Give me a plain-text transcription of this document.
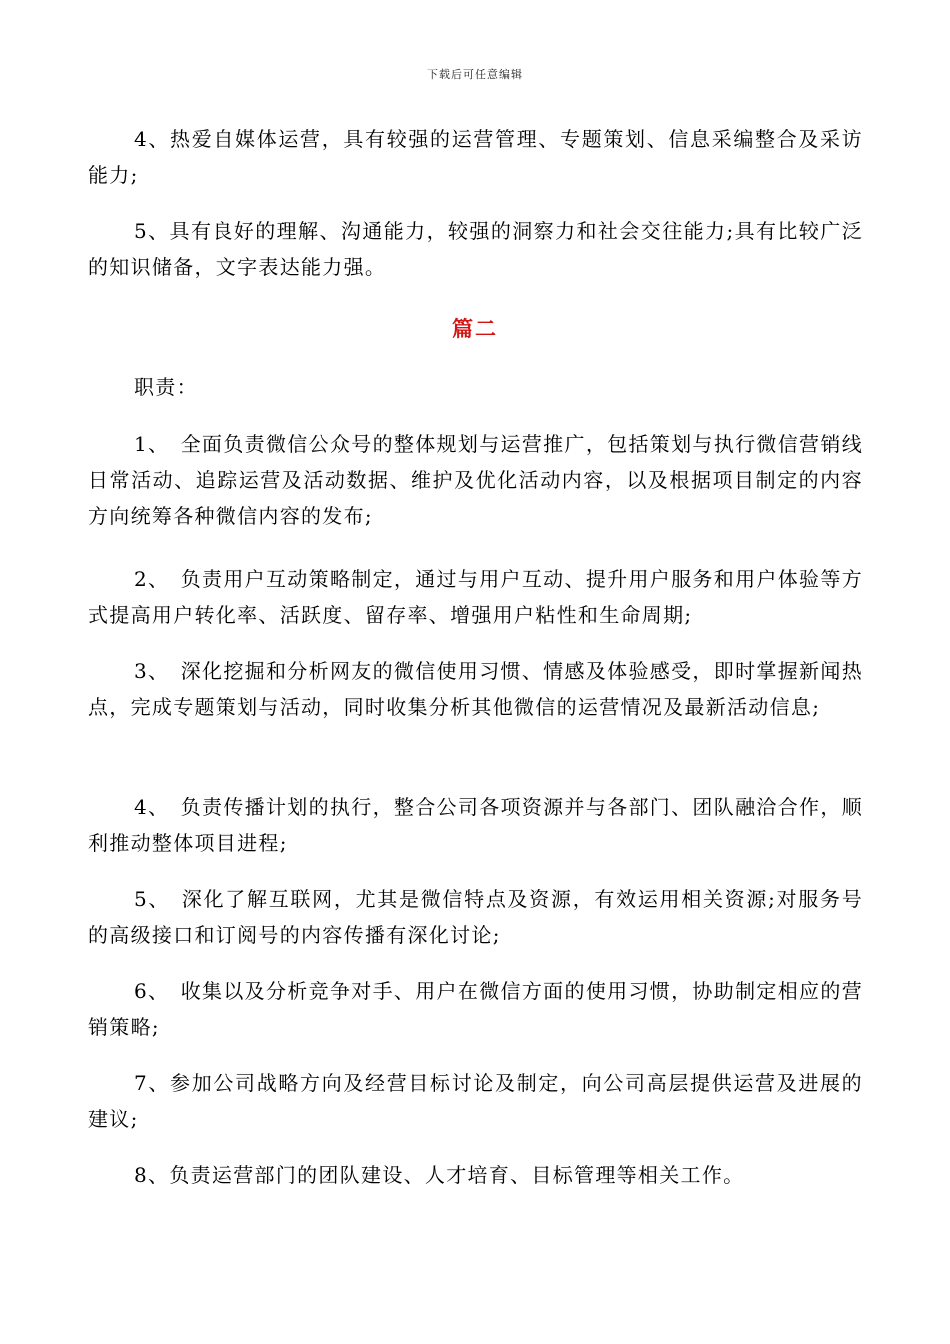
下载后可任意编辑

4、热爱自媒体运营，具有较强的运营管理、专题策划、信息采编整合及采访能力;

5、具有良好的理解、沟通能力，较强的洞察力和社会交往能力;具有比较广泛的知识储备，文字表达能力强。

篇二

职责：

1、　全面负责微信公众号的整体规划与运营推广，包括策划与执行微信营销线日常活动、追踪运营及活动数据、维护及优化活动内容，以及根据项目制定的内容方向统筹各种微信内容的发布;

2、　负责用户互动策略制定，通过与用户互动、提升用户服务和用户体验等方式提高用户转化率、活跃度、留存率、增强用户粘性和生命周期;

3、　深化挖掘和分析网友的微信使用习惯、情感及体验感受，即时掌握新闻热点，完成专题策划与活动，同时收集分析其他微信的运营情况及最新活动信息;

4、　负责传播计划的执行，整合公司各项资源并与各部门、团队融洽合作，顺利推动整体项目进程;

5、　深化了解互联网，尤其是微信特点及资源，有效运用相关资源;对服务号的高级接口和订阅号的内容传播有深化讨论;

6、　收集以及分析竞争对手、用户在微信方面的使用习惯，协助制定相应的营销策略;

7、参加公司战略方向及经营目标讨论及制定，向公司高层提供运营及进展的建议;

8、负责运营部门的团队建设、人才培育、目标管理等相关工作。
